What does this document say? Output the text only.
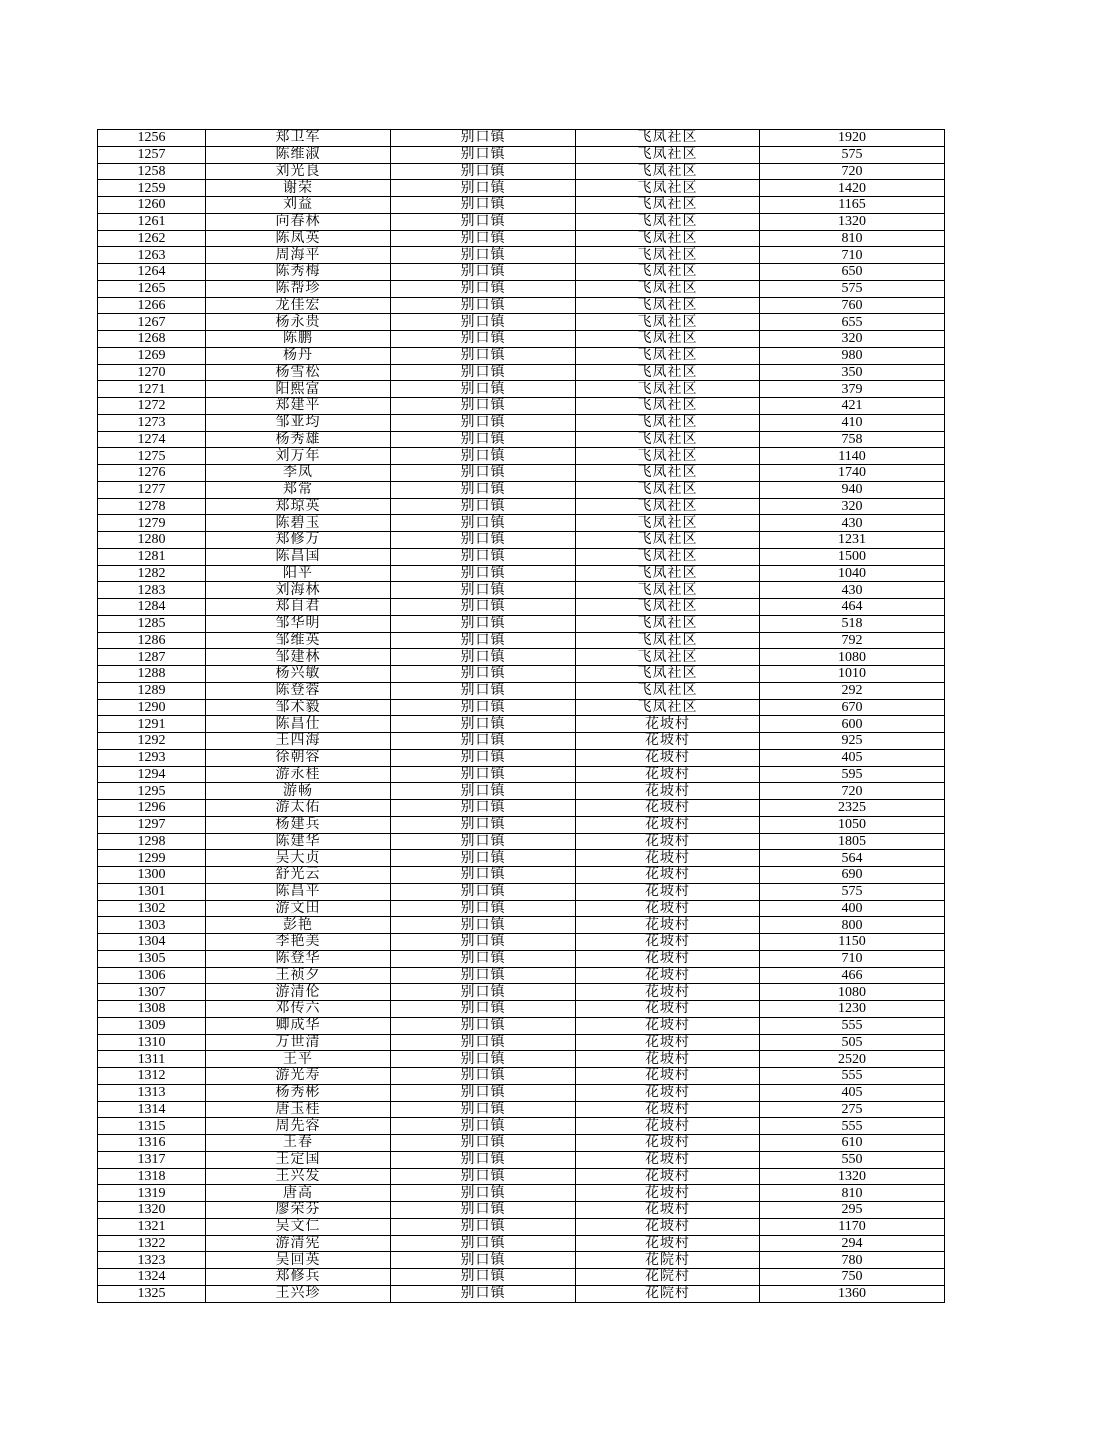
1256	郑卫军	别口镇	飞凤社区	1920
1257	陈维淑	别口镇	飞凤社区	575
1258	刘光良	别口镇	飞凤社区	720
1259	谢荣	别口镇	飞凤社区	1420
1260	刘益	别口镇	飞凤社区	1165
1261	向春林	别口镇	飞凤社区	1320
1262	陈凤英	别口镇	飞凤社区	810
1263	周海平	别口镇	飞凤社区	710
1264	陈秀梅	别口镇	飞凤社区	650
1265	陈帮珍	别口镇	飞凤社区	575
1266	龙佳宏	别口镇	飞凤社区	760
1267	杨永贵	别口镇	飞凤社区	655
1268	陈鹏	别口镇	飞凤社区	320
1269	杨丹	别口镇	飞凤社区	980
1270	杨雪松	别口镇	飞凤社区	350
1271	阳熙富	别口镇	飞凤社区	379
1272	郑建平	别口镇	飞凤社区	421
1273	邹亚均	别口镇	飞凤社区	410
1274	杨秀雄	别口镇	飞凤社区	758
1275	刘万年	别口镇	飞凤社区	1140
1276	李凤	别口镇	飞凤社区	1740
1277	郑常	别口镇	飞凤社区	940
1278	郑琼英	别口镇	飞凤社区	320
1279	陈碧玉	别口镇	飞凤社区	430
1280	郑修万	别口镇	飞凤社区	1231
1281	陈昌国	别口镇	飞凤社区	1500
1282	阳平	别口镇	飞凤社区	1040
1283	刘海林	别口镇	飞凤社区	430
1284	郑自君	别口镇	飞凤社区	464
1285	邹华明	别口镇	飞凤社区	518
1286	邹维英	别口镇	飞凤社区	792
1287	邹建林	别口镇	飞凤社区	1080
1288	杨兴敏	别口镇	飞凤社区	1010
1289	陈登蓉	别口镇	飞凤社区	292
1290	邹术毅	别口镇	飞凤社区	670
1291	陈昌仕	别口镇	花坡村	600
1292	王四海	别口镇	花坡村	925
1293	徐朝容	别口镇	花坡村	405
1294	游永桂	别口镇	花坡村	595
1295	游畅	别口镇	花坡村	720
1296	游太佑	别口镇	花坡村	2325
1297	杨建兵	别口镇	花坡村	1050
1298	陈建华	别口镇	花坡村	1805
1299	吴大贞	别口镇	花坡村	564
1300	舒光云	别口镇	花坡村	690
1301	陈昌平	别口镇	花坡村	575
1302	游文田	别口镇	花坡村	400
1303	彭艳	别口镇	花坡村	800
1304	李艳美	别口镇	花坡村	1150
1305	陈登华	别口镇	花坡村	710
1306	王祯夕	别口镇	花坡村	466
1307	游清伦	别口镇	花坡村	1080
1308	邓传六	别口镇	花坡村	1230
1309	卿成华	别口镇	花坡村	555
1310	万世清	别口镇	花坡村	505
1311	王平	别口镇	花坡村	2520
1312	游光寿	别口镇	花坡村	555
1313	杨秀彬	别口镇	花坡村	405
1314	唐玉桂	别口镇	花坡村	275
1315	周先容	别口镇	花坡村	555
1316	王春	别口镇	花坡村	610
1317	王定国	别口镇	花坡村	550
1318	王兴发	别口镇	花坡村	1320
1319	唐高	别口镇	花坡村	810
1320	廖荣芬	别口镇	花坡村	295
1321	吴文仁	别口镇	花坡村	1170
1322	游清宪	别口镇	花坡村	294
1323	吴回英	别口镇	花院村	780
1324	郑修兵	别口镇	花院村	750
1325	王兴珍	别口镇	花院村	1360
